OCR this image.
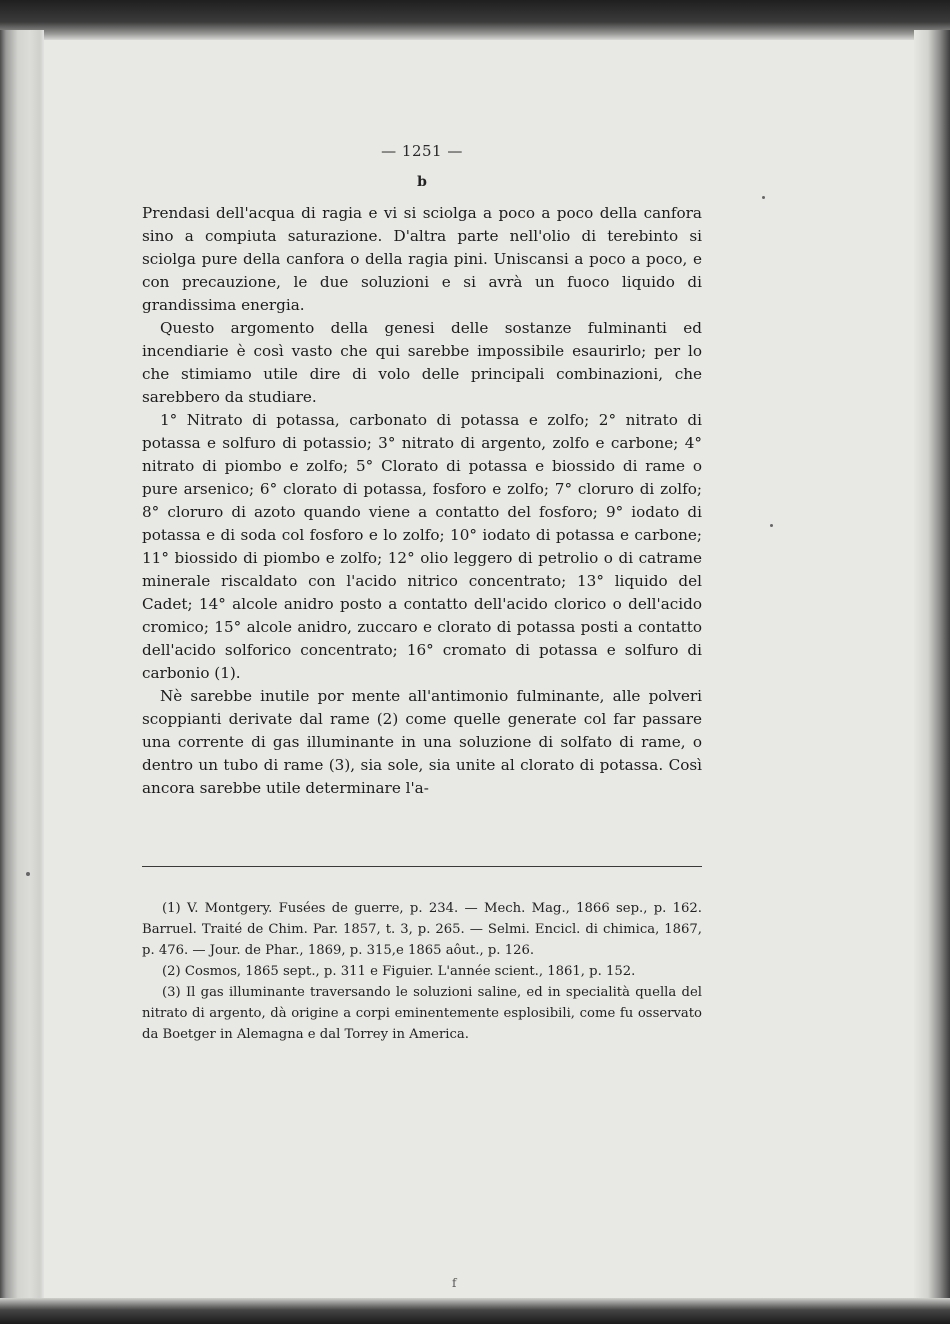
— 1251 —
b

Prendasi dell'acqua di ragia e vi si sciolga a poco a poco della canfora sino a compiuta saturazione. D'altra parte nell'olio di terebinto si sciolga pure della canfora o della ragia pini. Uniscansi a poco a poco, e con precauzione, le due soluzioni e si avrà un fuoco liquido di grandissima energia.

Questo argomento della genesi delle sostanze fulminanti ed incendiarie è così vasto che qui sarebbe impossibile esaurirlo; per lo che stimiamo utile dire di volo delle principali combinazioni, che sarebbero da studiare.

1° Nitrato di potassa, carbonato di potassa e zolfo; 2° nitrato di potassa e solfuro di potassio; 3° nitrato di argento, zolfo e carbone; 4° nitrato di piombo e zolfo; 5° Clorato di potassa e biossido di rame o pure arsenico; 6° clorato di potassa, fosforo e zolfo; 7° cloruro di zolfo; 8° cloruro di azoto quando viene a contatto del fosforo; 9° iodato di potassa e di soda col fosforo e lo zolfo; 10° iodato di potassa e carbone; 11° biossido di piombo e zolfo; 12° olio leggero di petrolio o di catrame minerale riscaldato con l'acido nitrico concentrato; 13° liquido del Cadet; 14° alcole anidro posto a contatto dell'acido clorico o dell'acido cromico; 15° alcole anidro, zuccaro e clorato di potassa posti a contatto dell'acido solforico concentrato; 16° cromato di potassa e solfuro di carbonio (1).

Nè sarebbe inutile por mente all'antimonio fulminante, alle polveri scoppianti derivate dal rame (2) come quelle generate col far passare una corrente di gas illuminante in una soluzione di solfato di rame, o dentro un tubo di rame (3), sia sole, sia unite al clorato di potassa. Così ancora sarebbe utile determinare l'a-

(1) V. Montgery. Fusées de guerre, p. 234. — Mech. Mag., 1866 sep., p. 162. Barruel. Traité de Chim. Par. 1857, t. 3, p. 265. — Selmi. Encicl. di chimica, 1867, p. 476. — Jour. de Phar., 1869, p. 315,e 1865 aôut., p. 126.

(2) Cosmos, 1865 sept., p. 311 e Figuier. L'année scient., 1861, p. 152.

(3) Il gas illuminante traversando le soluzioni saline, ed in specialità quella del nitrato di argento, dà origine a corpi eminentemente esplosibili, come fu osservato da Boetger in Alemagna e dal Torrey in America.

f
